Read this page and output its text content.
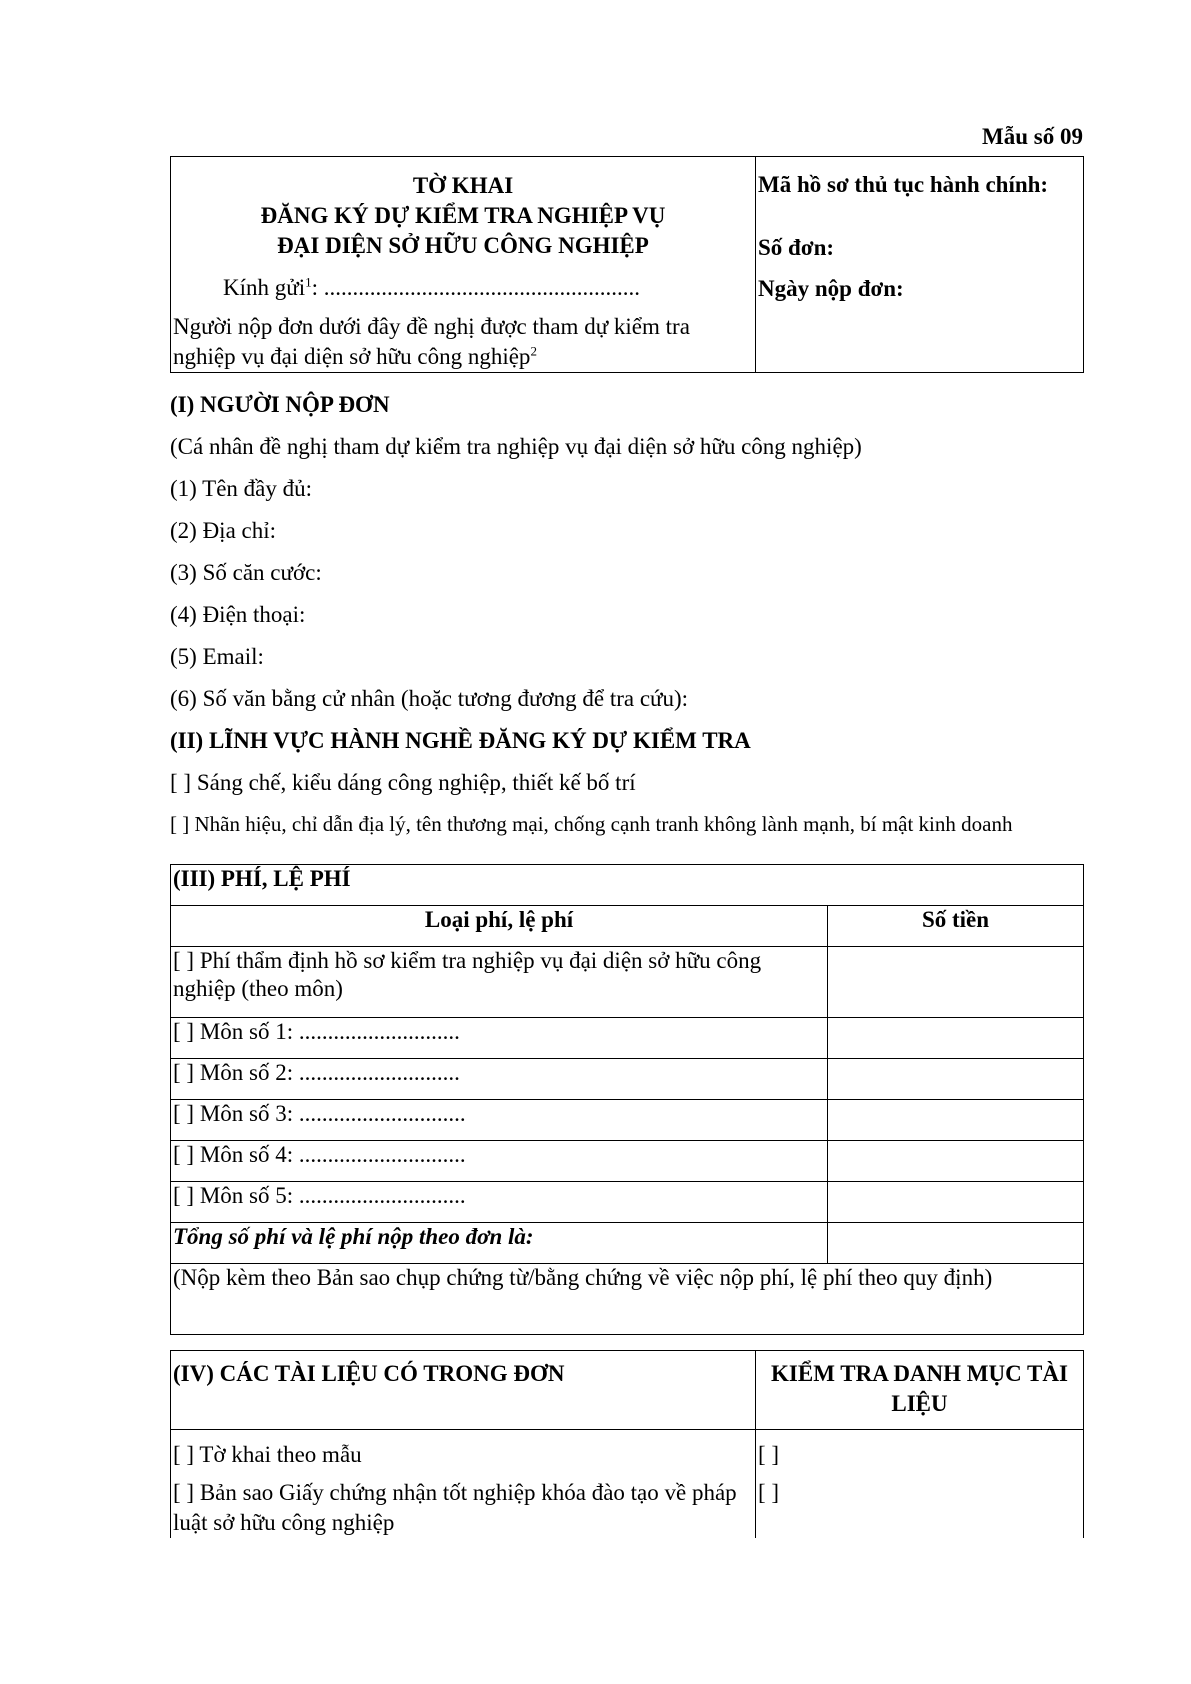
Mẫu số 09
TỜ KHAI
ĐĂNG KÝ DỰ KIỂM TRA NGHIỆP VỤ
ĐẠI DIỆN SỞ HỮU CÔNG NGHIỆP
Kính gửi$^1$: .......................................................
Người nộp đơn dưới đây đề nghị được tham dự kiểm tra nghiệp vụ đại diện sở hữu công nghiệp$^2$

Mã hồ sơ thủ tục hành chính:
Số đơn:
Ngày nộp đơn:
(I) NGƯỜI NỘP ĐƠN
(Cá nhân đề nghị tham dự kiểm tra nghiệp vụ đại diện sở hữu công nghiệp)
(1) Tên đầy đủ:
(2) Địa chỉ:
(3) Số căn cước:
(4) Điện thoại:
(5) Email:
(6) Số văn bằng cử nhân (hoặc tương đương để tra cứu):
(II) LĨNH VỰC HÀNH NGHỀ ĐĂNG KÝ DỰ KIỂM TRA
[ ] Sáng chế, kiểu dáng công nghiệp, thiết kế bố trí
[ ] Nhãn hiệu, chỉ dẫn địa lý, tên thương mại, chống cạnh tranh không lành mạnh, bí mật kinh doanh
(III) PHÍ, LỆ PHÍ	
Loại phí, lệ phí	Số tiền
[ ] Phí thẩm định hồ sơ kiểm tra nghiệp vụ đại diện sở hữu công nghiệp (theo môn)	
[ ] Môn số 1: ............................	
[ ] Môn số 2: ............................	
[ ] Môn số 3: .............................	
[ ] Môn số 4: .............................	
[ ] Môn số 5: .............................	
Tổng số phí và lệ phí nộp theo đơn là:	
(Nộp kèm theo Bản sao chụp chứng từ/bằng chứng về việc nộp phí, lệ phí theo quy định)	
(IV) CÁC TÀI LIỆU CÓ TRONG ĐƠN	KIỂM TRA DANH MỤC TÀI LIỆU
[ ] Tờ khai theo mẫu	[ ]
[ ] Bản sao Giấy chứng nhận tốt nghiệp khóa đào tạo về pháp luật sở hữu công nghiệp	[ ]
